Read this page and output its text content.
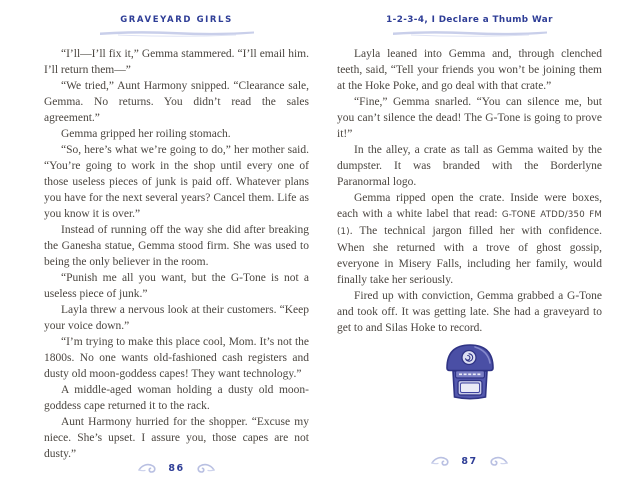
GRAVEYARD GIRLS

“I’ll—I’ll fix it,” Gemma stammered. “I’ll email him. I’ll return them—”

“We tried,” Aunt Harmony snipped. “Clearance sale, Gemma. No returns. You didn’t read the sales agreement.”

Gemma gripped her roiling stomach.

“So, here’s what we’re going to do,” her mother said. “You’re going to work in the shop until every one of those useless pieces of junk is paid off. Whatever plans you have for the next several years? Cancel them. Life as you know it is over.”

Instead of running off the way she did after breaking the Ganesha statue, Gemma stood firm. She was used to being the only believer in the room.

“Punish me all you want, but the G-Tone is not a useless piece of junk.”

Layla threw a nervous look at their customers. “Keep your voice down.”

“I’m trying to make this place cool, Mom. It’s not the 1800s. No one wants old-fashioned cash registers and dusty old moon-goddess capes! They want technology.”

A middle-aged woman holding a dusty old moon-goddess cape returned it to the rack.

Aunt Harmony hurried for the shopper. “Excuse my niece. She’s upset. I assure you, those capes are not dusty.”

86
1-2-3-4, I Declare a Thumb War

Layla leaned into Gemma and, through clenched teeth, said, “Tell your friends you won’t be joining them at the Hoke Poke, and go deal with that crate.”

“Fine,” Gemma snarled. “You can silence me, but you can’t silence the dead! The G-Tone is going to prove it!”

In the alley, a crate as tall as Gemma waited by the dumpster. It was branded with the Borderlyne Paranormal logo.

Gemma ripped open the crate. Inside were boxes, each with a white label that read: G-TONE ATDD/350 FM (1). The technical jargon filled her with confidence. When she returned with a trove of ghost gossip, everyone in Misery Falls, including her family, would finally take her seriously.

Fired up with conviction, Gemma grabbed a G-Tone and took off. It was getting late. She had a graveyard to get to and Silas Hoke to record.

87
